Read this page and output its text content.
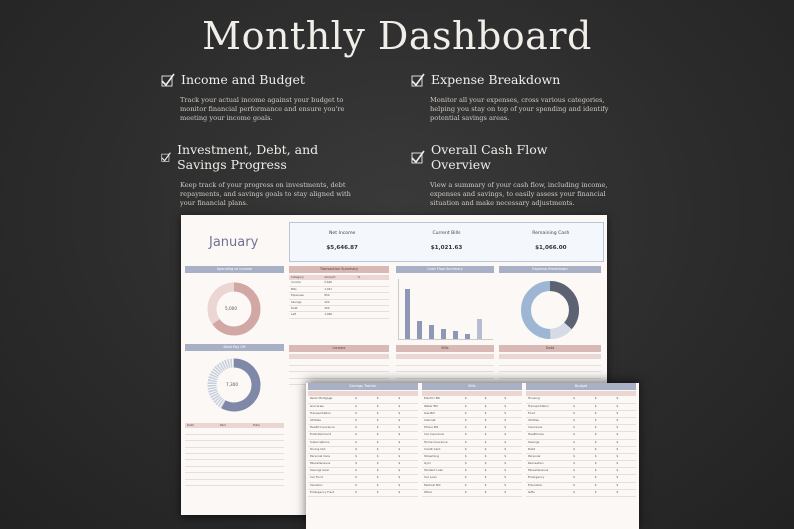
Monthly Dashboard
Income and Budget
Track your actual income against your budget to monitor financial performance and ensure you're meeting your income goals.
Expense Breakdown
Monitor all your expenses, cross various categories, helping you stay on top of your spending and identify potential savings areas.
Investment, Debt, and Savings Progress
Keep track of your progress on investments, debt repayments, and savings goals to stay aligned with your financial plans.
Overall Cash Flow Overview
View a summary of your cash flow, including income, expenses and savings, to easily assess your financial situation and make necessary adjustments.
January
Net Income
$5,646.87
Current Bills
$1,021.63
Remaining Cash
$1,066.00
Spending vs Income
5,000
Debt Pay Off
7,300
Debt	Paid	Total
Transaction Summary
Category	Amount	%
Income	5,646
Bills	1,021
Expenses	850
Savings	420
Debt	300
Left	1,066
Cash Flow Summary	Expense Breakdown
Income	Bills	Debt
Savings Tracker	Bills	Budget
Rent/ Mortgage	$	$	$
Groceries	$	$	$
Transportation	$	$	$
Utilities	$	$	$
Health Insurance	$	$	$
Entertainment	$	$	$
Subscriptions	$	$	$
Dining Out	$	$	$
Personal Care	$	$	$
Miscellaneous	$	$	$
Savings Goal	$	$	$
Car Fund	$	$	$
Vacation	$	$	$
Emergency Fund	$	$	$
Electric Bill	$	$	$
Water Bill	$	$	$
Gas Bill	$	$	$
Internet	$	$	$
Phone Bill	$	$	$
Car Insurance	$	$	$
Home Insurance	$	$	$
Credit Card	$	$	$
Streaming	$	$	$
Gym	$	$	$
Student Loan	$	$	$
Car Loan	$	$	$
Medical Bill	$	$	$
Other	$	$	$
Housing	$	$	$
Transportation	$	$	$
Food	$	$	$
Utilities	$	$	$
Insurance	$	$	$
Healthcare	$	$	$
Savings	$	$	$
Debt	$	$	$
Personal	$	$	$
Recreation	$	$	$
Miscellaneous	$	$	$
Emergency	$	$	$
Education	$	$	$
Gifts	$	$	$
